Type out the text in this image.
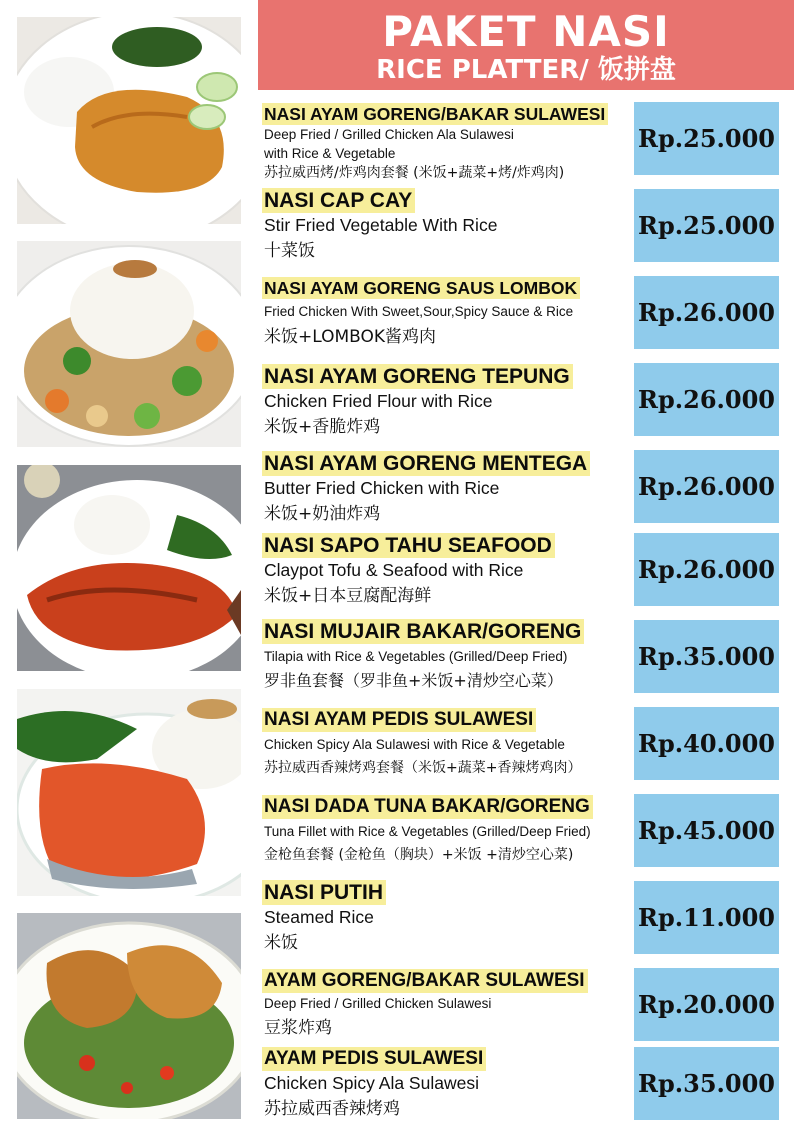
PAKET NASI
RICE PLATTER/ 饭拼盘
NASI AYAM GORENG/BAKAR SULAWESI
Deep Fried / Grilled Chicken Ala Sulawesi
with Rice & Vegetable
苏拉威西烤/炸鸡肉套餐 (米饭+蔬菜+烤/炸鸡肉)
Rp.25.000
NASI CAP CAY
Stir Fried Vegetable With Rice
十菜饭
Rp.25.000
NASI AYAM GORENG SAUS LOMBOK
Fried Chicken With Sweet,Sour,Spicy Sauce & Rice
米饭+LOMBOK酱鸡肉
Rp.26.000
NASI AYAM GORENG TEPUNG
Chicken Fried Flour with Rice
米饭+香脆炸鸡
Rp.26.000
NASI AYAM GORENG MENTEGA
Butter Fried Chicken with Rice
米饭+奶油炸鸡
Rp.26.000
NASI SAPO TAHU SEAFOOD
Claypot Tofu & Seafood with Rice
米饭+日本豆腐配海鲜
Rp.26.000
NASI MUJAIR BAKAR/GORENG
Tilapia with Rice & Vegetables (Grilled/Deep Fried)
罗非鱼套餐（罗非鱼+米饭+清炒空心菜）
Rp.35.000
NASI AYAM PEDIS SULAWESI
Chicken Spicy Ala Sulawesi with Rice & Vegetable
苏拉威西香辣烤鸡套餐（米饭+蔬菜+香辣烤鸡肉）
Rp.40.000
NASI DADA TUNA BAKAR/GORENG
Tuna Fillet with Rice & Vegetables (Grilled/Deep Fried)
金枪鱼套餐 (金枪鱼（胸块）+米饭 +清炒空心菜)
Rp.45.000
NASI PUTIH
Steamed Rice
米饭
Rp.11.000
AYAM GORENG/BAKAR SULAWESI
Deep Fried / Grilled Chicken Sulawesi
豆浆炸鸡
Rp.20.000
AYAM PEDIS SULAWESI
Chicken Spicy Ala Sulawesi
苏拉威西香辣烤鸡
Rp.35.000
